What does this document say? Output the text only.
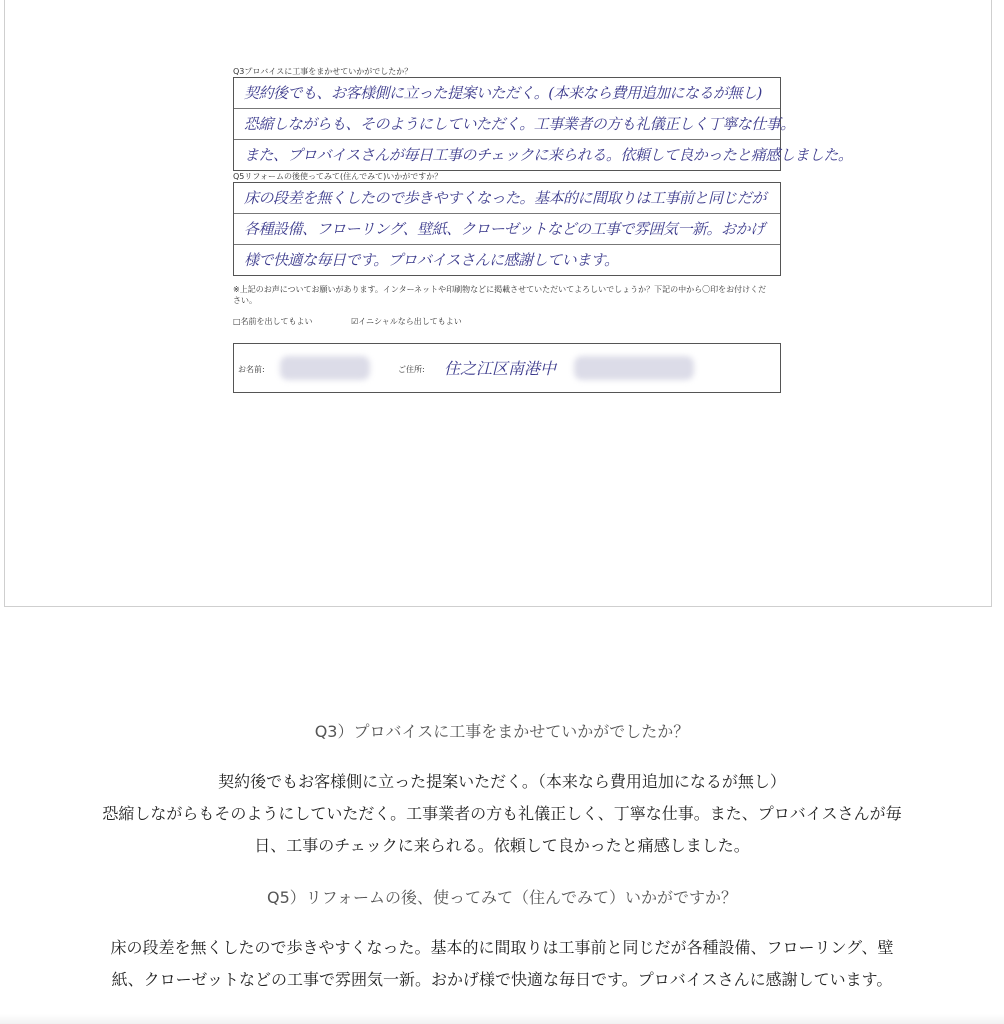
Q3プロバイスに工事をまかせていかがでしたか？
契約後でも、お客様側に立った提案いただく。(本来なら費用追加になるが無し)
恐縮しながらも、そのようにしていただく。工事業者の方も礼儀正しく丁寧な仕事。
また、プロバイスさんが毎日工事のチェックに来られる。依頼して良かったと痛感しました。
Q5リフォームの後使ってみて(住んでみて)いかがですか？
床の段差を無くしたので歩きやすくなった。基本的に間取りは工事前と同じだが
各種設備、フローリング、壁紙、クローゼットなどの工事で雰囲気一新。おかげ
様で快適な毎日です。プロバイスさんに感謝しています。
※上記のお声についてお願いがあります。インターネットや印刷物などに掲載させていただいてよろしいでしょうか？下記の中から〇印をお付けください。
□名前を出してもよい	☑イニシャルなら出してもよい
お名前:	ご住所: 住之江区南港中

Q3）プロバイスに工事をまかせていかがでしたか？

契約後でもお客様側に立った提案いただく。（本来なら費用追加になるが無し）
恐縮しながらもそのようにしていただく。工事業者の方も礼儀正しく、丁寧な仕事。また、プロバイスさんが毎
日、工事のチェックに来られる。依頼して良かったと痛感しました。

Q5）リフォームの後、使ってみて（住んでみて）いかがですか？

床の段差を無くしたので歩きやすくなった。基本的に間取りは工事前と同じだが各種設備、フローリング、壁
紙、クローゼットなどの工事で雰囲気一新。おかげ様で快適な毎日です。プロバイスさんに感謝しています。
